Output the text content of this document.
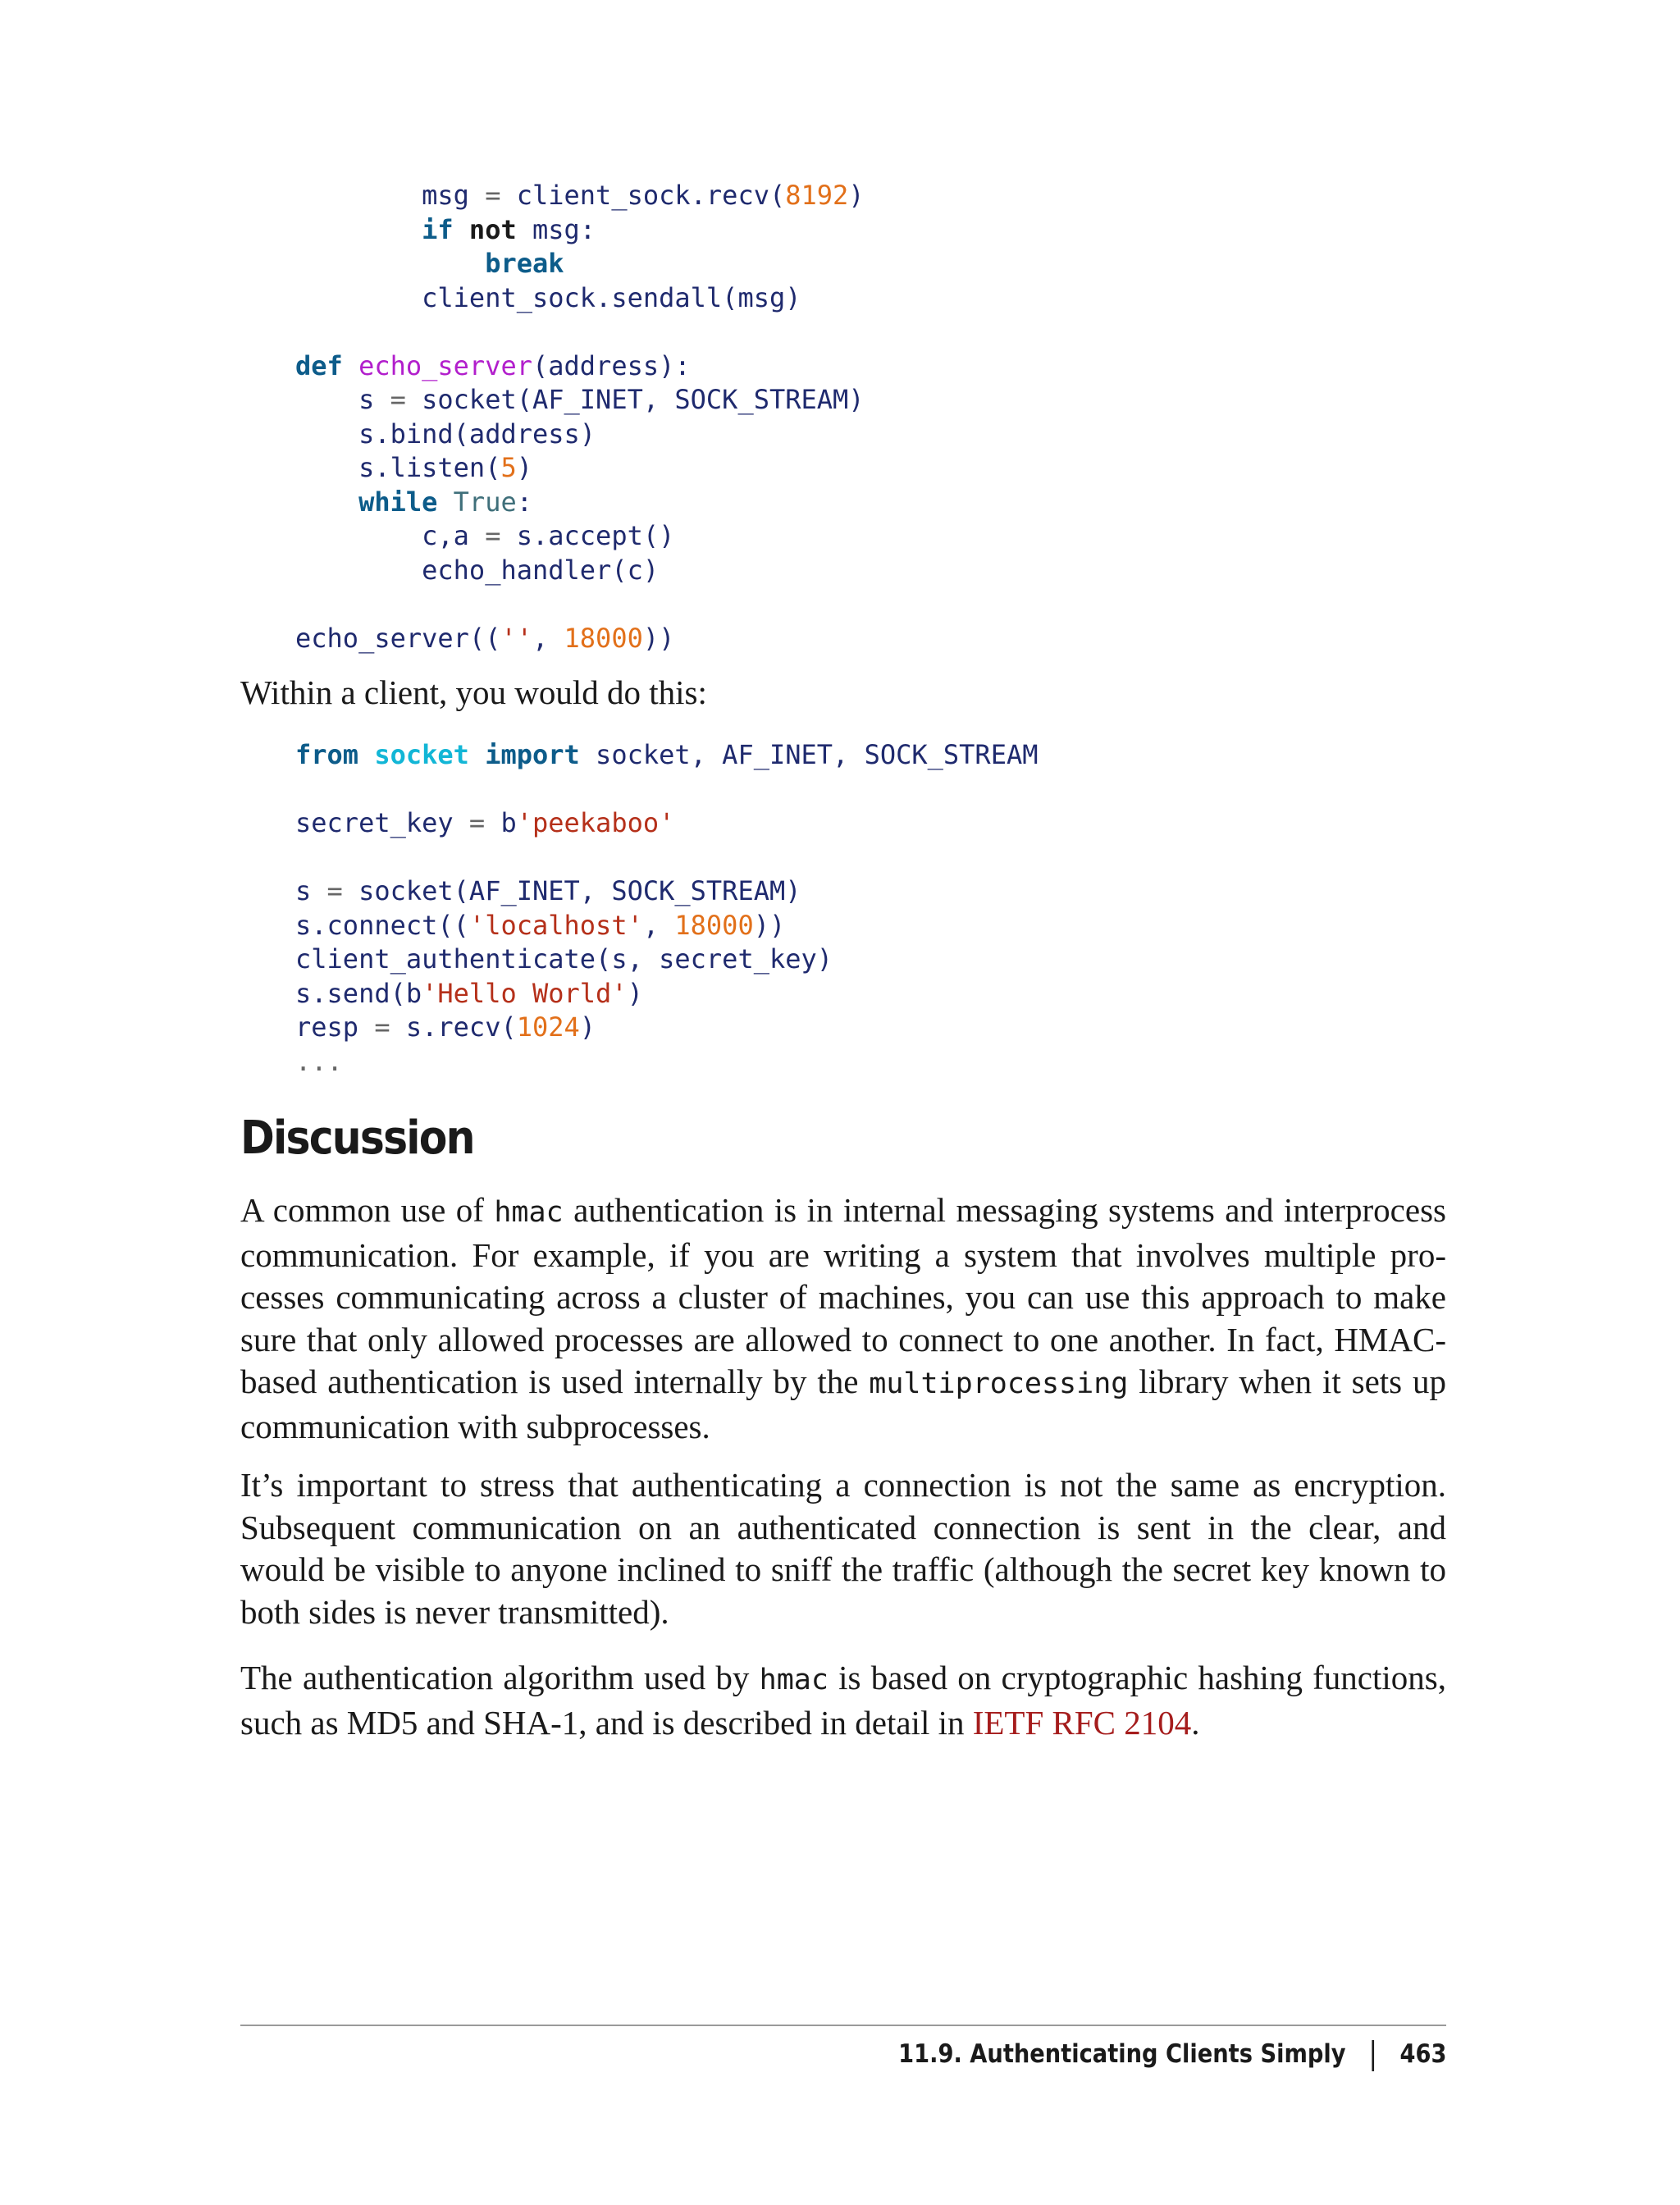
msg = client_sock.recv(8192)
if not msg:
break
client_sock.sendall(msg)

def echo_server(address):
s = socket(AF_INET, SOCK_STREAM)
s.bind(address)
s.listen(5)
while True:
c,a = s.accept()
echo_handler(c)

echo_server(('', 18000))

Within a client, you would do this:

from socket import socket, AF_INET, SOCK_STREAM

secret_key = b'peekaboo'

s = socket(AF_INET, SOCK_STREAM)
s.connect(('localhost', 18000))
client_authenticate(s, secret_key)
s.send(b'Hello World')
resp = s.recv(1024)
...
Discussion

A common use of hmac authentication is in internal messaging systems and interprocess communication. For example, if you are writing a system that involves multiple processes communicating across a cluster of machines, you can use this approach to make sure that only allowed processes are allowed to connect to one another. In fact, HMAC-based authentication is used internally by the multiprocessing library when it sets up communication with subprocesses.

It’s important to stress that authenticating a connection is not the same as encryption. Subsequent communication on an authenticated connection is sent in the clear, and would be visible to anyone inclined to sniff the traffic (although the secret key known to both sides is never transmitted).

The authentication algorithm used by hmac is based on cryptographic hashing functions, such as MD5 and SHA-1, and is described in detail in IETF RFC 2104.

11.9. Authenticating Clients Simply 463
